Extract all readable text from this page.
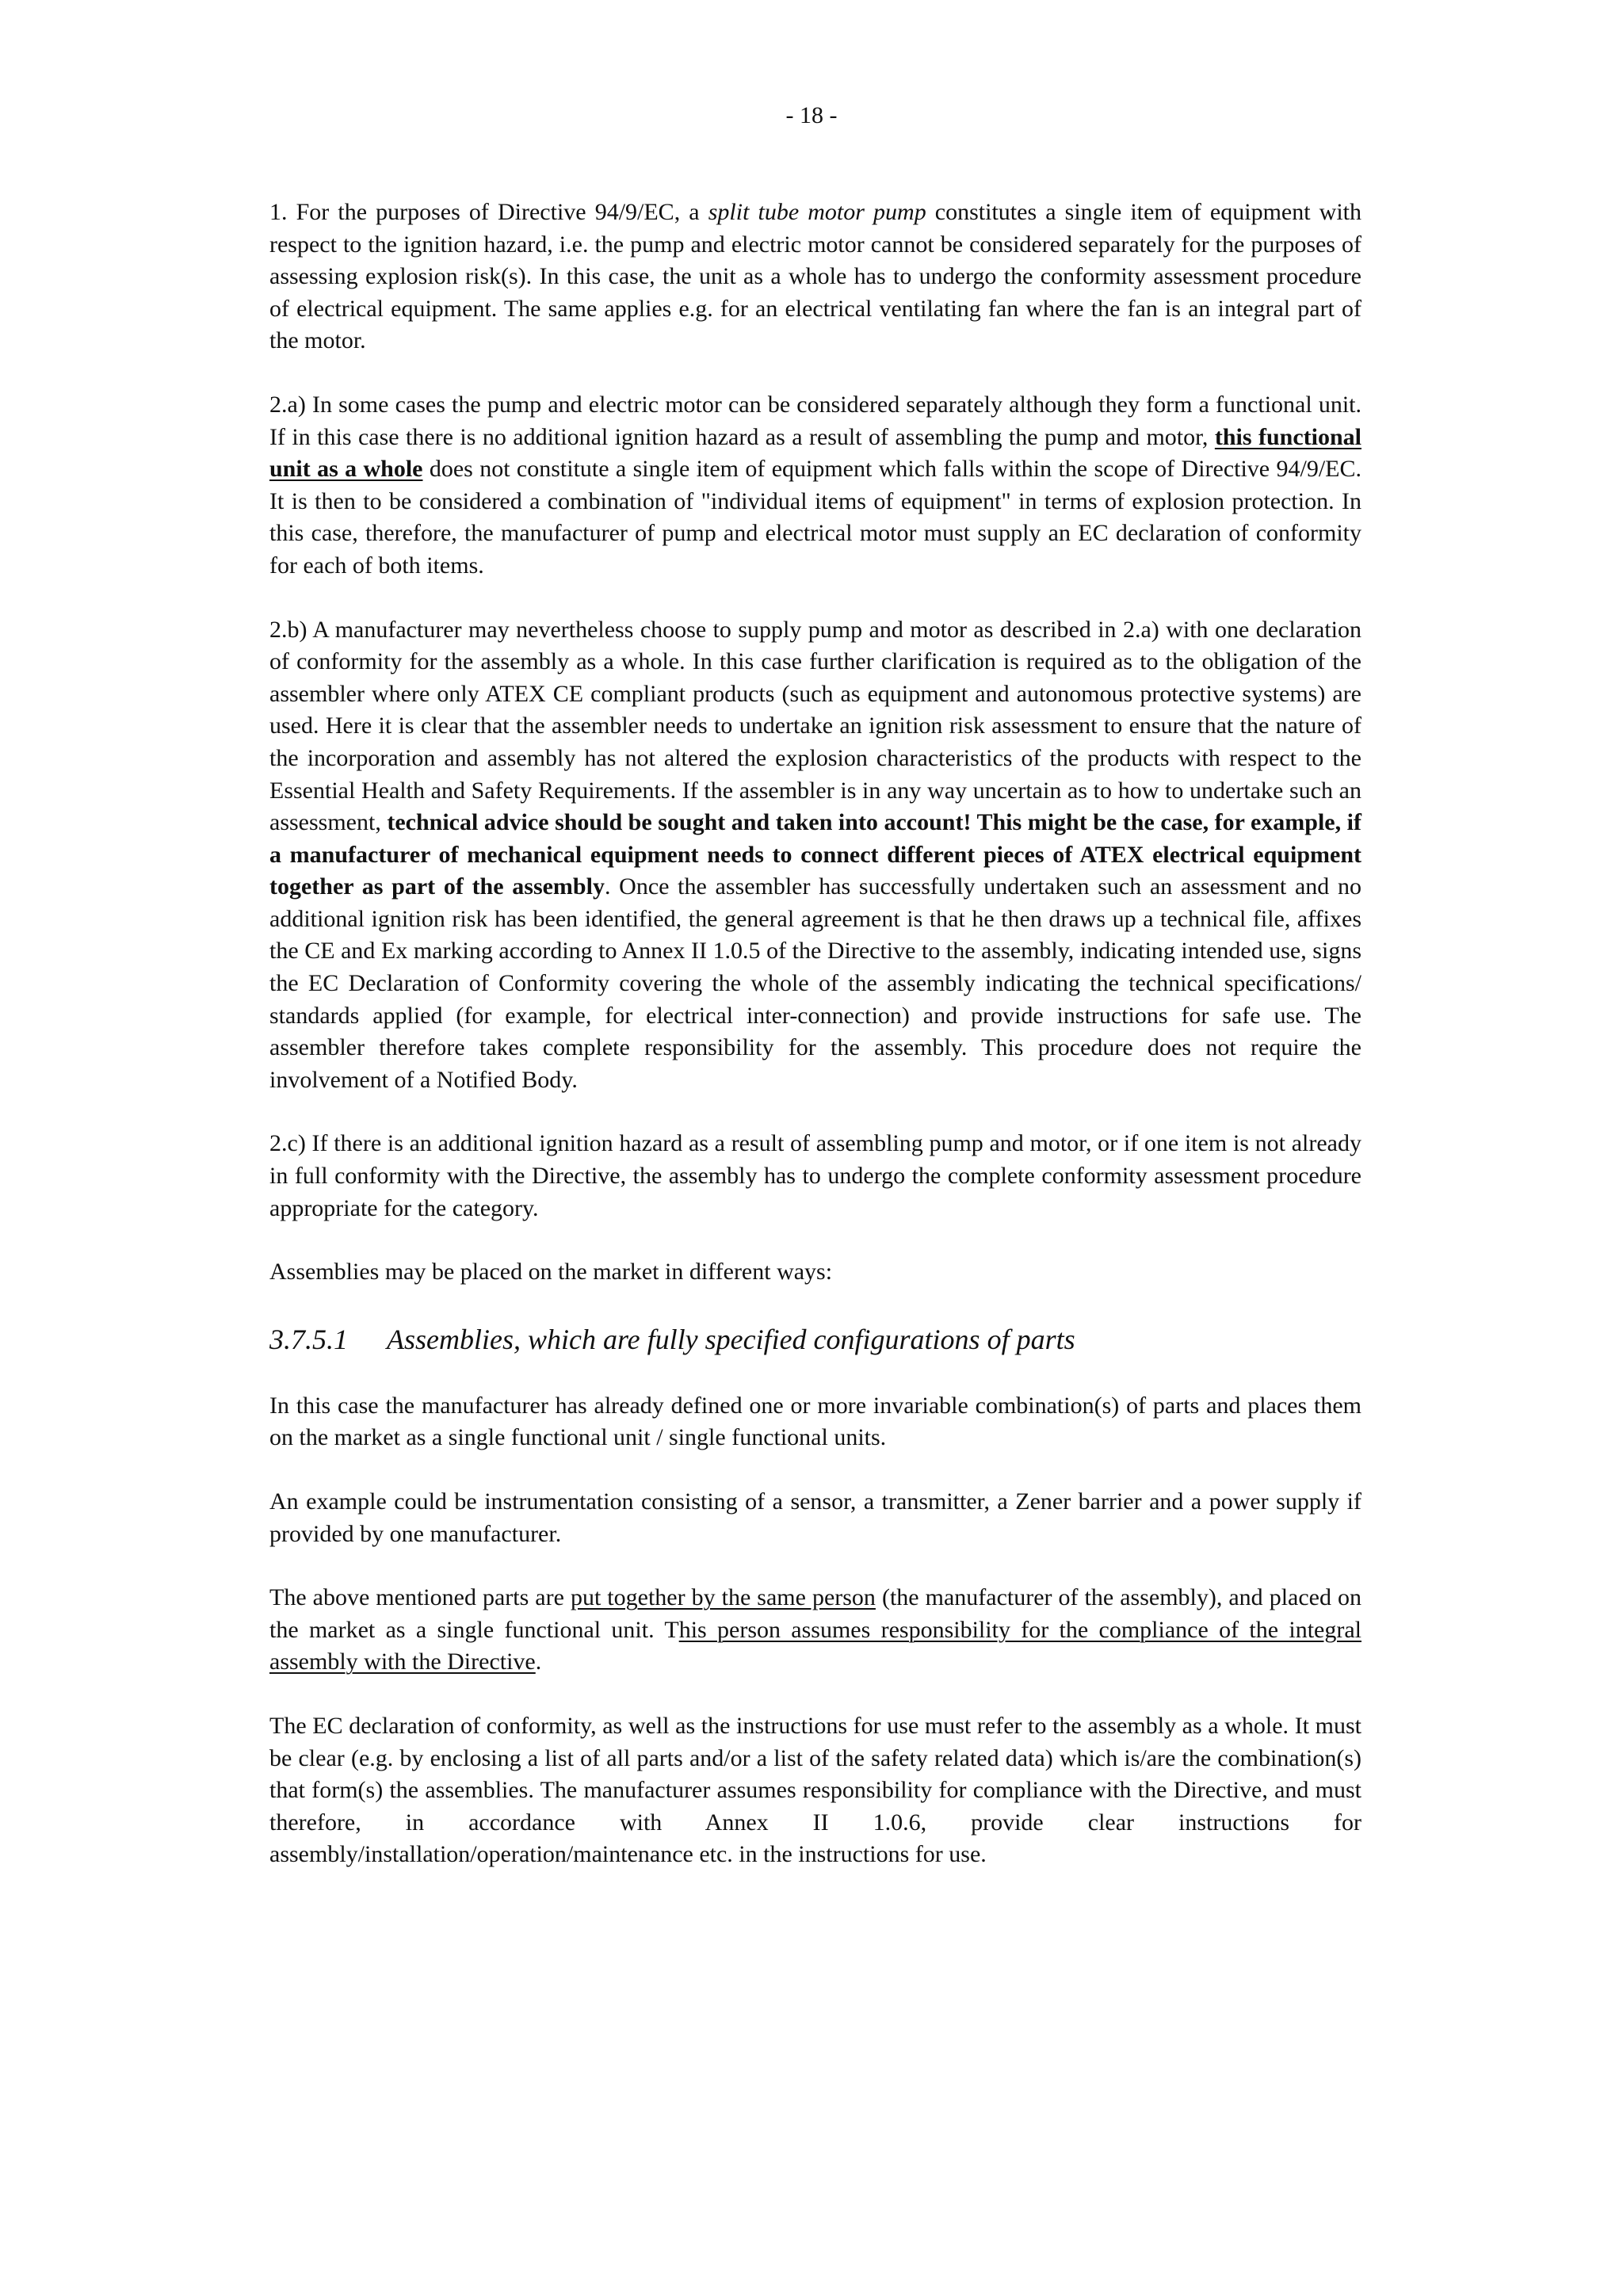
- 18 -

1. For the purposes of Directive 94/9/EC, a split tube motor pump constitutes a single item of equipment with respect to the ignition hazard, i.e. the pump and electric motor cannot be considered separately for the purposes of assessing explosion risk(s). In this case, the unit as a whole has to undergo the conformity assessment procedure of electrical equipment. The same applies e.g. for an electrical ventilating fan where the fan is an integral part of the motor.

2.a) In some cases the pump and electric motor can be considered separately although they form a functional unit. If in this case there is no additional ignition hazard as a result of assembling the pump and motor, this functional unit as a whole does not constitute a single item of equipment which falls within the scope of Directive 94/9/EC. It is then to be considered a combination of "individual items of equipment" in terms of explosion protection. In this case, therefore, the manufacturer of pump and electrical motor must supply an EC declaration of conformity for each of both items.

2.b) A manufacturer may nevertheless choose to supply pump and motor as described in 2.a) with one declaration of conformity for the assembly as a whole. In this case further clarification is required as to the obligation of the assembler where only ATEX CE compliant products (such as equipment and autonomous protective systems) are used. Here it is clear that the assembler needs to undertake an ignition risk assessment to ensure that the nature of the incorporation and assembly has not altered the explosion characteristics of the products with respect to the Essential Health and Safety Requirements. If the assembler is in any way uncertain as to how to undertake such an assessment, technical advice should be sought and taken into account! This might be the case, for example, if a manufacturer of mechanical equipment needs to connect different pieces of ATEX electrical equipment together as part of the assembly. Once the assembler has successfully undertaken such an assessment and no additional ignition risk has been identified, the general agreement is that he then draws up a technical file, affixes the CE and Ex marking according to Annex II 1.0.5 of the Directive to the assembly, indicating intended use, signs the EC Declaration of Conformity covering the whole of the assembly indicating the technical specifications/ standards applied (for example, for electrical inter-connection) and provide instructions for safe use. The assembler therefore takes complete responsibility for the assembly. This procedure does not require the involvement of a Notified Body.

2.c) If there is an additional ignition hazard as a result of assembling pump and motor, or if one item is not already in full conformity with the Directive, the assembly has to undergo the complete conformity assessment procedure appropriate for the category.

Assemblies may be placed on the market in different ways:

3.7.5.1 Assemblies, which are fully specified configurations of parts

In this case the manufacturer has already defined one or more invariable combination(s) of parts and places them on the market as a single functional unit / single functional units.

An example could be instrumentation consisting of a sensor, a transmitter, a Zener barrier and a power supply if provided by one manufacturer.

The above mentioned parts are put together by the same person (the manufacturer of the assembly), and placed on the market as a single functional unit. This person assumes responsibility for the compliance of the integral assembly with the Directive.

The EC declaration of conformity, as well as the instructions for use must refer to the assembly as a whole. It must be clear (e.g. by enclosing a list of all parts and/or a list of the safety related data) which is/are the combination(s) that form(s) the assemblies. The manufacturer assumes responsibility for compliance with the Directive, and must therefore, in accordance with Annex II 1.0.6, provide clear instructions for assembly/installation/operation/maintenance etc. in the instructions for use.
